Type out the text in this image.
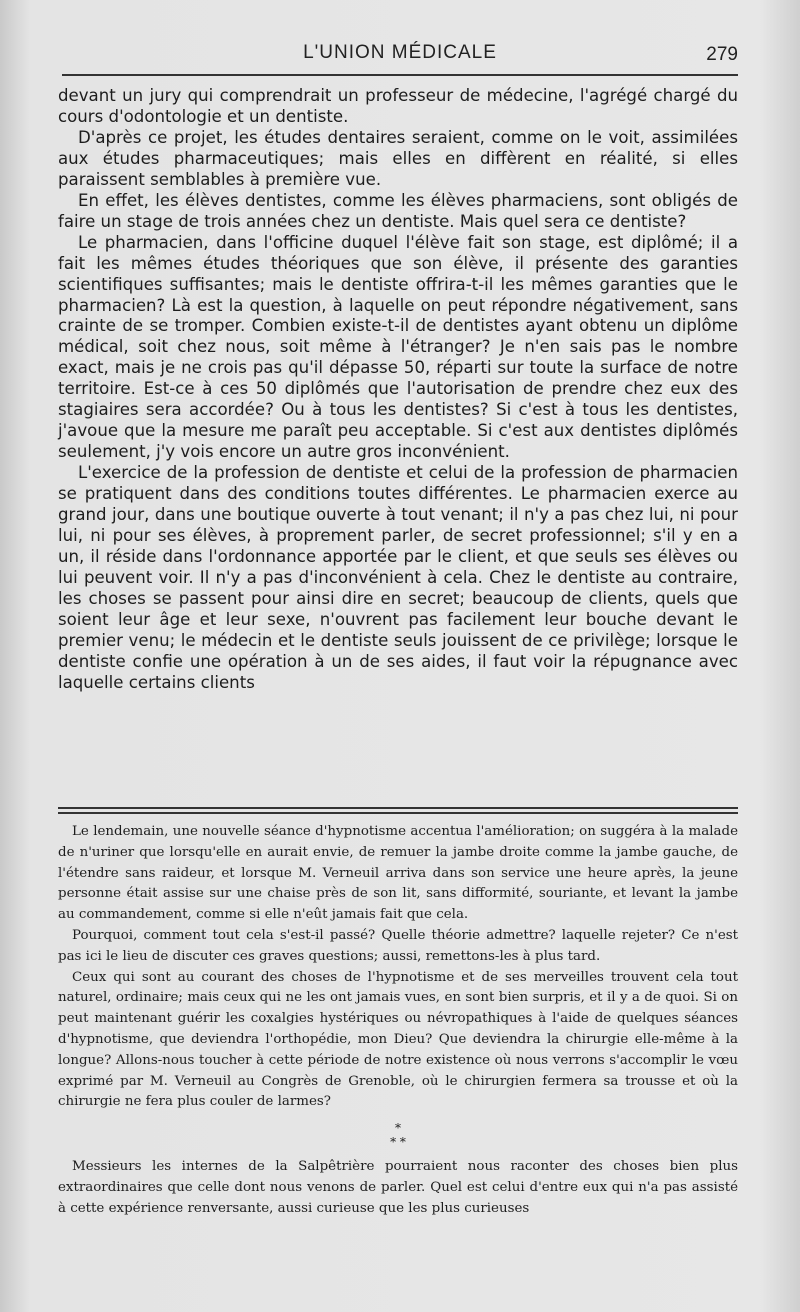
L'UNION MÉDICALE	279

devant un jury qui comprendrait un professeur de médecine, l'agrégé chargé du cours d'odontologie et un dentiste.

D'après ce projet, les études dentaires seraient, comme on le voit, assimilées aux études pharmaceutiques; mais elles en diffèrent en réalité, si elles paraissent semblables à première vue.

En effet, les élèves dentistes, comme les élèves pharmaciens, sont obligés de faire un stage de trois années chez un dentiste. Mais quel sera ce dentiste?

Le pharmacien, dans l'officine duquel l'élève fait son stage, est diplômé; il a fait les mêmes études théoriques que son élève, il présente des garanties scientifiques suffisantes; mais le dentiste offrira-t-il les mêmes garanties que le pharmacien? Là est la question, à laquelle on peut répondre négativement, sans crainte de se tromper. Combien existe-t-il de dentistes ayant obtenu un diplôme médical, soit chez nous, soit même à l'étranger? Je n'en sais pas le nombre exact, mais je ne crois pas qu'il dépasse 50, réparti sur toute la surface de notre territoire. Est-ce à ces 50 diplômés que l'autorisation de prendre chez eux des stagiaires sera accordée? Ou à tous les dentistes? Si c'est à tous les dentistes, j'avoue que la mesure me paraît peu acceptable. Si c'est aux dentistes diplômés seulement, j'y vois encore un autre gros inconvénient.

L'exercice de la profession de dentiste et celui de la profession de pharmacien se pratiquent dans des conditions toutes différentes. Le pharmacien exerce au grand jour, dans une boutique ouverte à tout venant; il n'y a pas chez lui, ni pour lui, ni pour ses élèves, à proprement parler, de secret professionnel; s'il y en a un, il réside dans l'ordonnance apportée par le client, et que seuls ses élèves ou lui peuvent voir. Il n'y a pas d'inconvénient à cela. Chez le dentiste au contraire, les choses se passent pour ainsi dire en secret; beaucoup de clients, quels que soient leur âge et leur sexe, n'ouvrent pas facilement leur bouche devant le premier venu; le médecin et le dentiste seuls jouissent de ce privilège; lorsque le dentiste confie une opération à un de ses aides, il faut voir la répugnance avec laquelle certains clients

Le lendemain, une nouvelle séance d'hypnotisme accentua l'amélioration; on suggéra à la malade de n'uriner que lorsqu'elle en aurait envie, de remuer la jambe droite comme la jambe gauche, de l'étendre sans raideur, et lorsque M. Verneuil arriva dans son service une heure après, la jeune personne était assise sur une chaise près de son lit, sans difformité, souriante, et levant la jambe au commandement, comme si elle n'eût jamais fait que cela.

Pourquoi, comment tout cela s'est-il passé? Quelle théorie admettre? laquelle rejeter? Ce n'est pas ici le lieu de discuter ces graves questions; aussi, remettons-les à plus tard.

Ceux qui sont au courant des choses de l'hypnotisme et de ses merveilles trouvent cela tout naturel, ordinaire; mais ceux qui ne les ont jamais vues, en sont bien surpris, et il y a de quoi. Si on peut maintenant guérir les coxalgies hystériques ou névropathiques à l'aide de quelques séances d'hypnotisme, que deviendra l'orthopédie, mon Dieu? Que deviendra la chirurgie elle-même à la longue? Allons-nous toucher à cette période de notre existence où nous verrons s'accomplir le vœu exprimé par M. Verneuil au Congrès de Grenoble, où le chirurgien fermera sa trousse et où la chirurgie ne fera plus couler de larmes?

*
* *

Messieurs les internes de la Salpêtrière pourraient nous raconter des choses bien plus extraordinaires que celle dont nous venons de parler. Quel est celui d'entre eux qui n'a pas assisté à cette expérience renversante, aussi curieuse que les plus curieuses
